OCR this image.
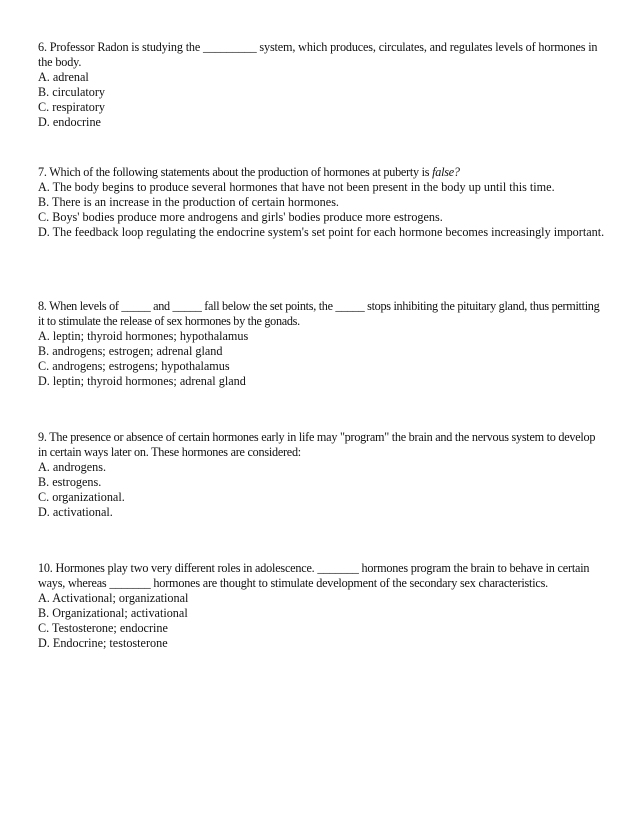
6. Professor Radon is studying the _________ system, which produces, circulates, and regulates levels of hormones in the body.

A. adrenal

B. circulatory

C. respiratory

D. endocrine

7. Which of the following statements about the production of hormones at puberty is false?

A. The body begins to produce several hormones that have not been present in the body up until this time.

B. There is an increase in the production of certain hormones.

C. Boys' bodies produce more androgens and girls' bodies produce more estrogens.

D. The feedback loop regulating the endocrine system's set point for each hormone becomes increasingly important.

8. When levels of _____ and _____ fall below the set points, the _____ stops inhibiting the pituitary gland, thus permitting it to stimulate the release of sex hormones by the gonads.

A. leptin; thyroid hormones; hypothalamus

B. androgens; estrogen; adrenal gland

C. androgens; estrogens; hypothalamus

D. leptin; thyroid hormones; adrenal gland

9. The presence or absence of certain hormones early in life may "program" the brain and the nervous system to develop in certain ways later on. These hormones are considered:

A. androgens.

B. estrogens.

C. organizational.

D. activational.

10. Hormones play two very different roles in adolescence. _______ hormones program the brain to behave in certain ways, whereas _______ hormones are thought to stimulate development of the secondary sex characteristics.

A. Activational; organizational

B. Organizational; activational

C. Testosterone; endocrine

D. Endocrine; testosterone
